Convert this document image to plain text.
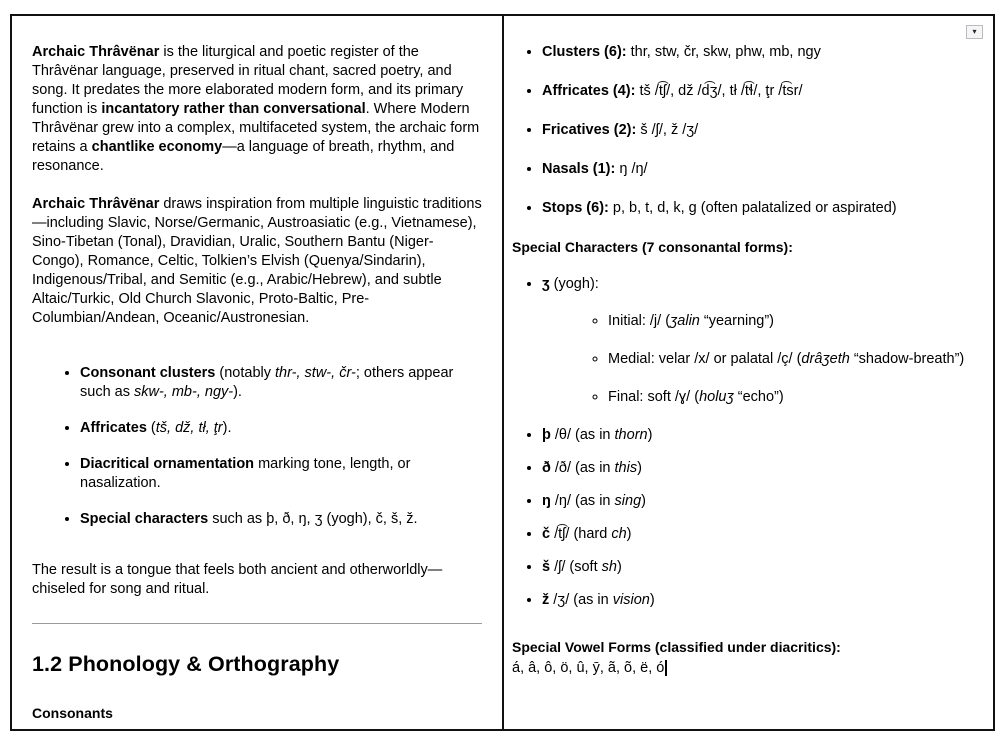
Archaic Thrâvënar is the liturgical and poetic register of the Thrâvënar language, preserved in ritual chant, sacred poetry, and song. It predates the more elaborated modern form, and its primary function is incantatory rather than conversational. Where Modern Thrâvënar grew into a complex, multifaceted system, the archaic form retains a chantlike economy—a language of breath, rhythm, and resonance.

Archaic Thrâvënar draws inspiration from multiple linguistic traditions—including Slavic, Norse/Germanic, Austroasiatic (e.g., Vietnamese), Sino-Tibetan (Tonal), Dravidian, Uralic, Southern Bantu (Niger-Congo), Romance, Celtic, Tolkien’s Elvish (Quenya/Sindarin), Indigenous/Tribal, and Semitic (e.g., Arabic/Hebrew), and subtle Altaic/Turkic, Old Church Slavonic, Proto-Baltic, Pre-Columbian/Andean, Oceanic/Austronesian.

• Consonant clusters (notably thr-, stw-, čr-; others appear such as skw-, mb-, ngy-).
• Affricates (tš, dž, tł, ţr).
• Diacritical ornamentation marking tone, length, or nasalization.
• Special characters such as þ, ð, ŋ, ʒ (yogh), č, š, ž.

The result is a tongue that feels both ancient and otherworldly—chiseled for song and ritual.

1.2 Phonology & Orthography
Consonants
• Clusters (6): thr, stw, čr, skw, phw, mb, ngy
• Affricates (4): tš /t͡ʃ/, dž /d͡ʒ/, tł /t͡ɬ/, ţr /t͡sr/
• Fricatives (2): š /ʃ/, ž /ʒ/
• Nasals (1): ŋ /ŋ/
• Stops (6): p, b, t, d, k, g (often palatalized or aspirated)

Special Characters (7 consonantal forms):

• ʒ (yogh):
◦ Initial: /j/ (ʒalin “yearning”)
◦ Medial: velar /x/ or palatal /ç/ (drâʒeth “shadow-breath”)
◦ Final: soft /ɣ/ (holuʒ “echo”)
• þ /θ/ (as in thorn)
• ð /ð/ (as in this)
• ŋ /ŋ/ (as in sing)
• č /t͡ʃ/ (hard ch)
• š /ʃ/ (soft sh)
• ž /ʒ/ (as in vision)

Special Vowel Forms (classified under diacritics):

á, â, ô, ö, û, ȳ, ã, õ, ë, ó

▾
